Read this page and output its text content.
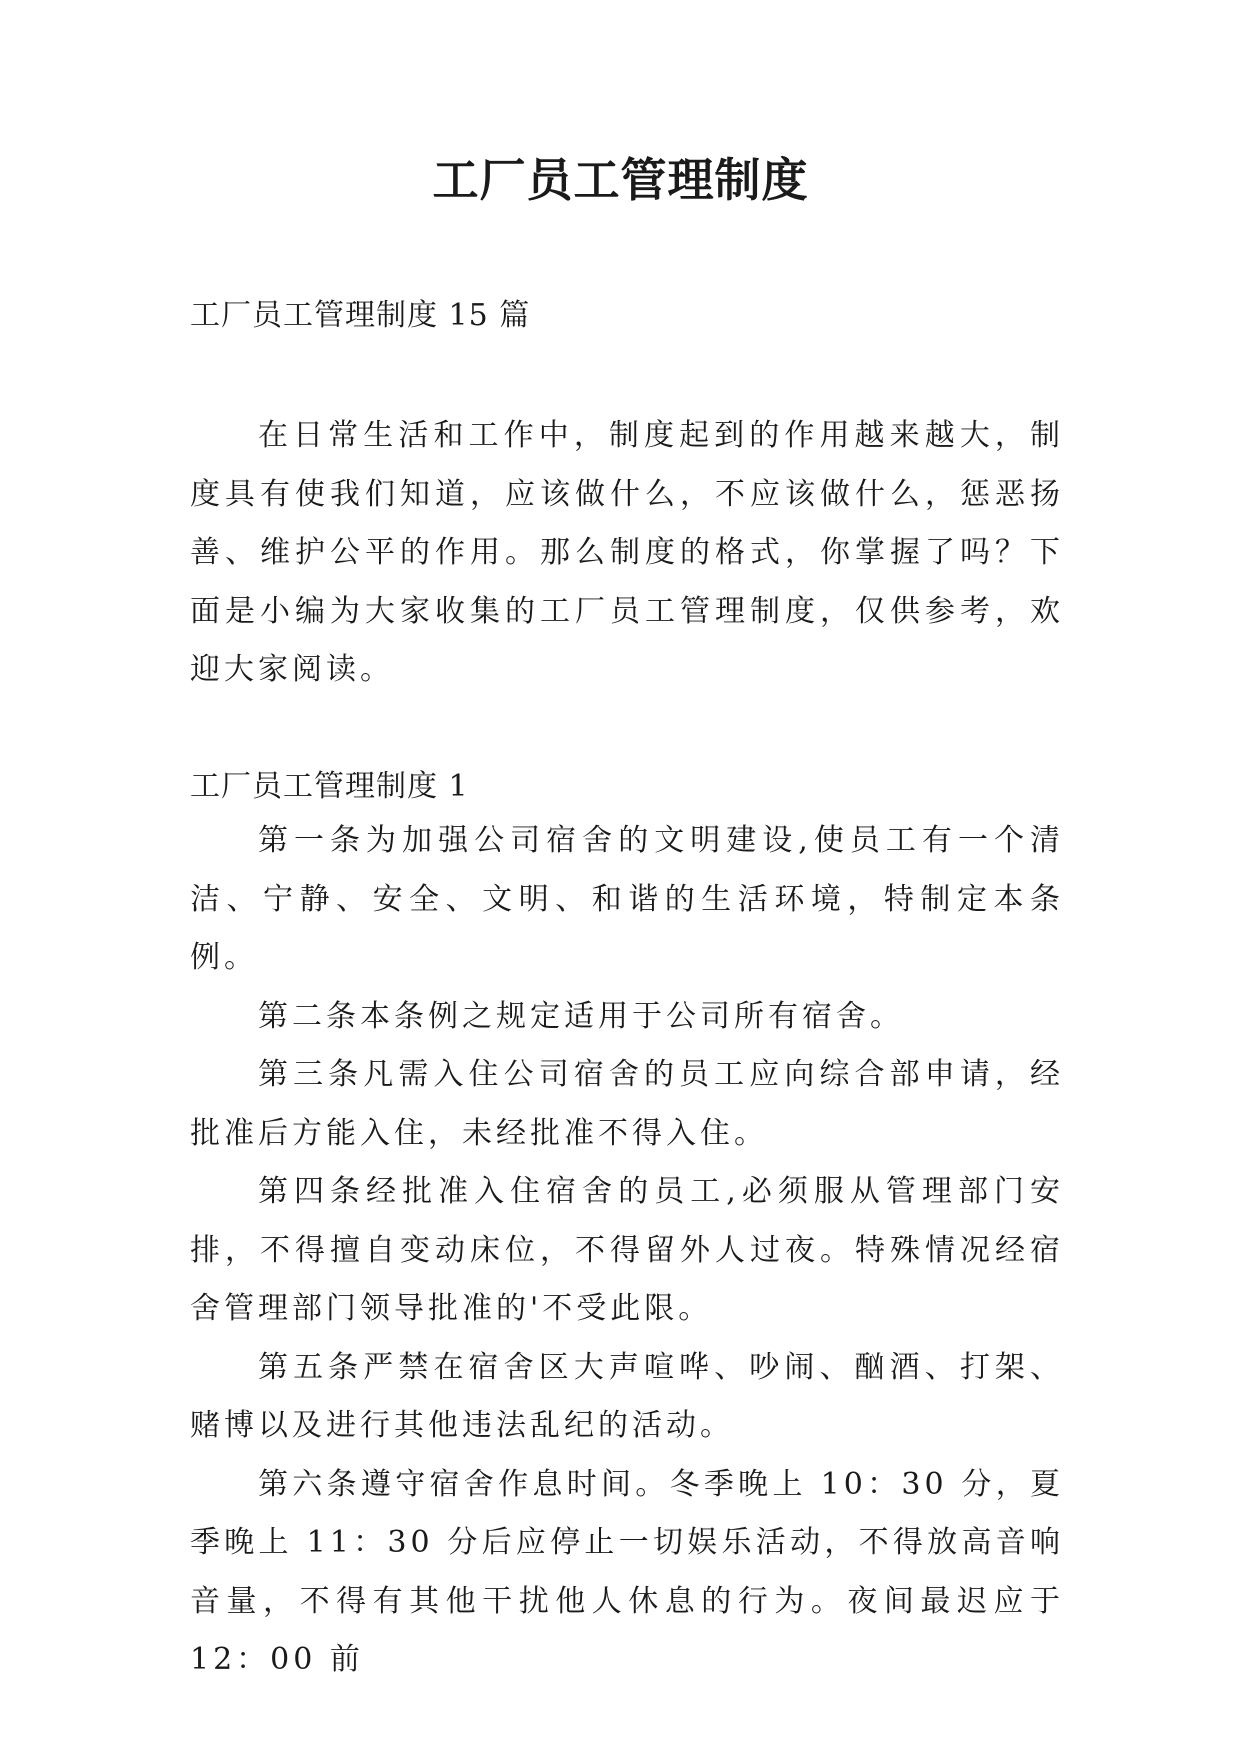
工厂员工管理制度

工厂员工管理制度 15 篇

在日常生活和工作中，制度起到的作用越来越大，制度具有使我们知道，应该做什么，不应该做什么，惩恶扬善、维护公平的作用。那么制度的格式，你掌握了吗？下面是小编为大家收集的工厂员工管理制度，仅供参考，欢迎大家阅读。

工厂员工管理制度 1

第一条为加强公司宿舍的文明建设,使员工有一个清洁、宁静、安全、文明、和谐的生活环境，特制定本条例。

第二条本条例之规定适用于公司所有宿舍。

第三条凡需入住公司宿舍的员工应向综合部申请，经批准后方能入住，未经批准不得入住。

第四条经批准入住宿舍的员工,必须服从管理部门安排，不得擅自变动床位，不得留外人过夜。特殊情况经宿舍管理部门领导批准的'不受此限。

第五条严禁在宿舍区大声喧哗、吵闹、酗酒、打架、赌博以及进行其他违法乱纪的活动。

第六条遵守宿舍作息时间。冬季晚上 10：30 分，夏季晚上 11：30 分后应停止一切娱乐活动，不得放高音响音量，不得有其他干扰他人休息的行为。夜间最迟应于 12：00 前
